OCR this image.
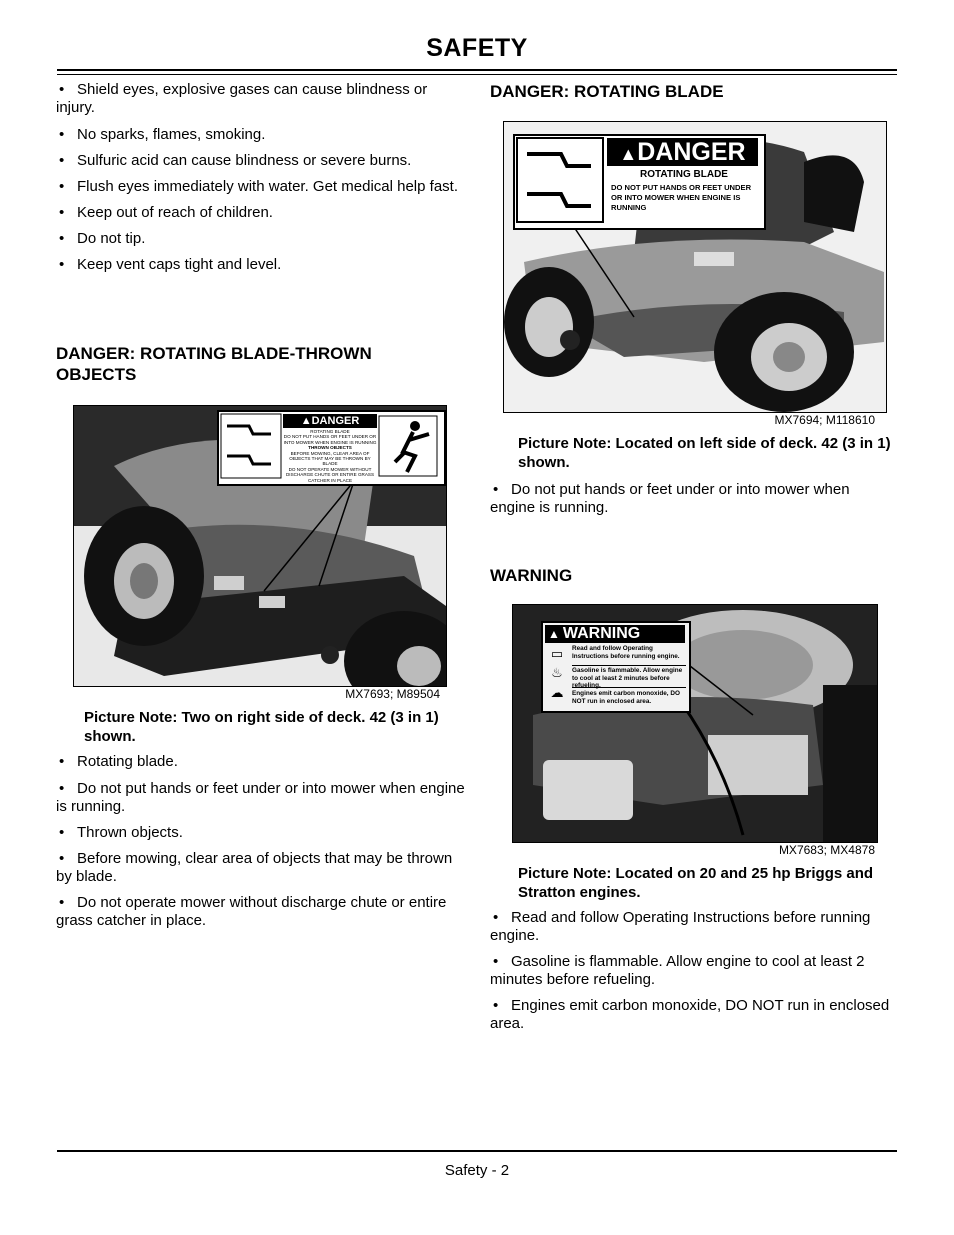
SAFETY

• Shield eyes, explosive gases can cause blindness or injury.

• No sparks, flames, smoking.

• Sulfuric acid can cause blindness or severe burns.

• Flush eyes immediately with water. Get medical help fast.

• Keep out of reach of children.

• Do not tip.

• Keep vent caps tight and level.

DANGER: ROTATING BLADE-THROWN OBJECTS
▲DANGER
ROTATING BLADE
DO NOT PUT HANDS OR FEET UNDER OR INTO MOWER WHEN ENGINE IS RUNNING
THROWN OBJECTS
BEFORE MOWING, CLEAR AREA OF OBJECTS THAT MAY BE THROWN BY BLADE
DO NOT OPERATE MOWER WITHOUT DISCHARGE CHUTE OR ENTIRE GRASS CATCHER IN PLACE
MX7693; M89504

Picture Note: Two on right side of deck. 42 (3 in 1) shown.

• Rotating blade.

• Do not put hands or feet under or into mower when engine is running.

• Thrown objects.

• Before mowing, clear area of objects that may be thrown by blade.

• Do not operate mower without discharge chute or entire grass catcher in place.

DANGER: ROTATING BLADE
▲DANGER
ROTATING BLADE
DO NOT PUT HANDS OR FEET UNDER OR INTO MOWER WHEN ENGINE IS RUNNING
MX7694; M118610

Picture Note: Located on left side of deck. 42 (3 in 1) shown.

• Do not put hands or feet under or into mower when engine is running.

WARNING
▲ WARNING
▭
♨
☁
Read and follow Operating Instructions before running engine.
Gasoline is flammable. Allow engine to cool at least 2 minutes before refueling.
Engines emit carbon monoxide, DO NOT run in enclosed area.
MX7683; MX4878

Picture Note: Located on 20 and 25 hp Briggs and Stratton engines.

• Read and follow Operating Instructions before running engine.

• Gasoline is flammable. Allow engine to cool at least 2 minutes before refueling.

• Engines emit carbon monoxide, DO NOT run in enclosed area.

Safety - 2
